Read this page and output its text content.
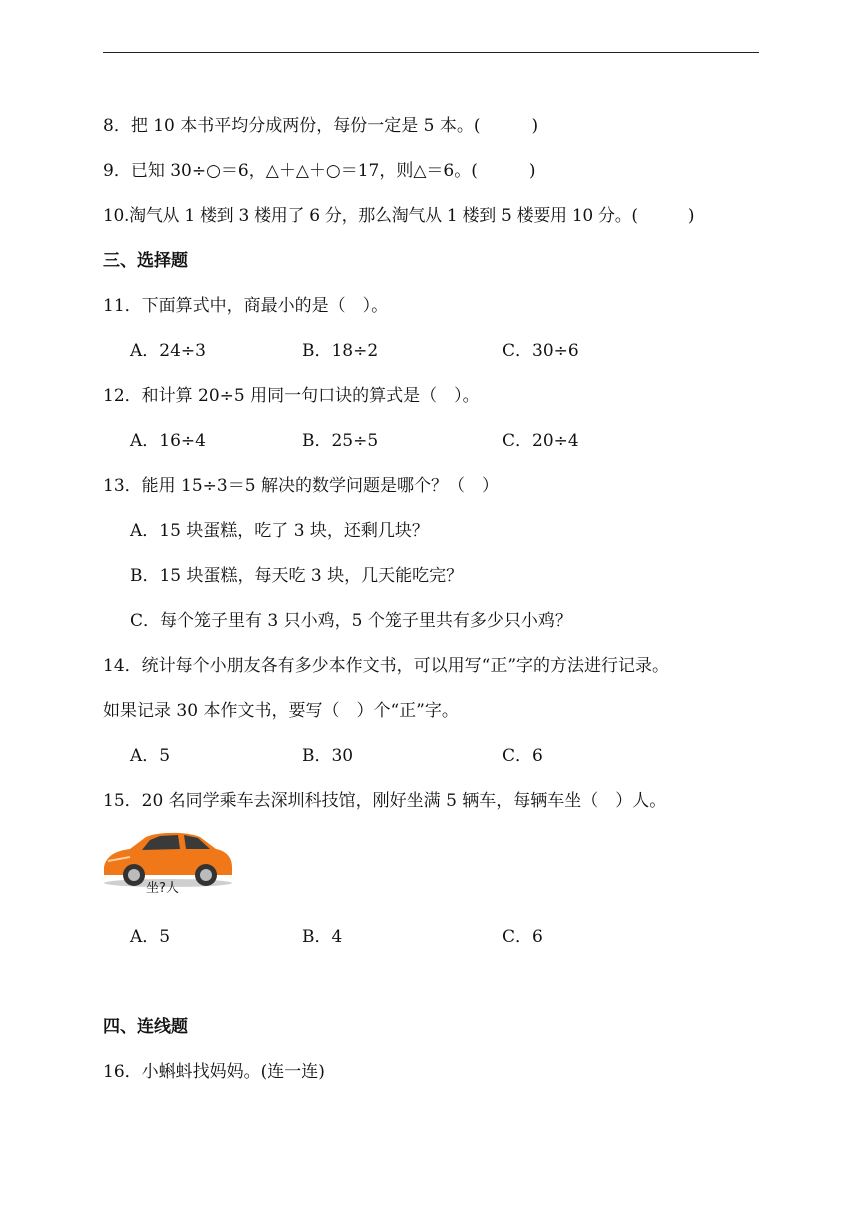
8．把 10 本书平均分成两份，每份一定是 5 本。(　　　)
9．已知 30÷○＝6，△＋△＋○＝17，则△＝6。(　　　)
10.淘气从 1 楼到 3 楼用了 6 分，那么淘气从 1 楼到 5 楼要用 10 分。(　　　)
三、选择题
11．下面算式中，商最小的是（　）。
A．24÷3	B．18÷2	C．30÷6
12．和计算 20÷5 用同一句口诀的算式是（　）。
A．16÷4	B．25÷5	C．20÷4
13．能用 15÷3＝5 解决的数学问题是哪个？（　）
A．15 块蛋糕，吃了 3 块，还剩几块？
B．15 块蛋糕，每天吃 3 块，几天能吃完？
C．每个笼子里有 3 只小鸡，5 个笼子里共有多少只小鸡？
14．统计每个小朋友各有多少本作文书，可以用写“正”字的方法进行记录。
如果记录 30 本作文书，要写（　）个“正”字。
A．5	B．30	C．6
15．20 名同学乘车去深圳科技馆，刚好坐满 5 辆车，每辆车坐（　）人。
坐?人
A．5	B．4	C．6
四、连线题
16．小蝌蚪找妈妈。(连一连)
